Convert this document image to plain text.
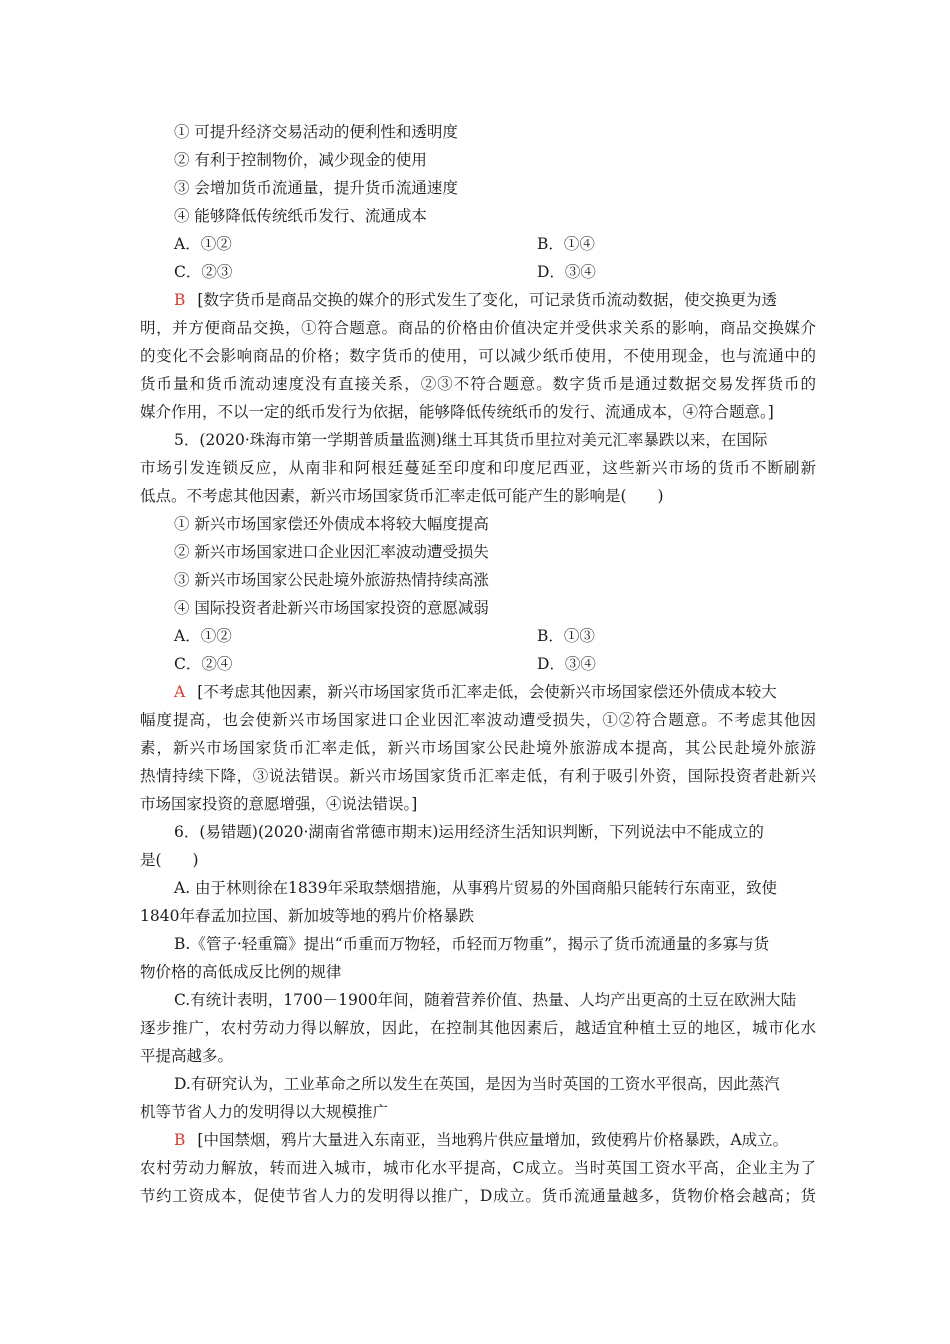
① 可提升经济交易活动的便利性和透明度
② 有利于控制物价，减少现金的使用
③ 会增加货币流通量，提升货币流通速度
④ 能够降低传统纸币发行、流通成本
A．①②	B．①④
C．②③	D．③④
B [数字货币是商品交换的媒介的形式发生了变化，可记录货币流动数据，使交换更为透
明，并方便商品交换，①符合题意。商品的价格由价值决定并受供求关系的影响，商品交换媒介
的变化不会影响商品的价格；数字货币的使用，可以减少纸币使用，不使用现金，也与流通中的
货币量和货币流动速度没有直接关系，②③不符合题意。数字货币是通过数据交易发挥货币的
媒介作用，不以一定的纸币发行为依据，能够降低传统纸币的发行、流通成本，④符合题意。]
5．(2020·珠海市第一学期普质量监测)继土耳其货币里拉对美元汇率暴跌以来，在国际
市场引发连锁反应，从南非和阿根廷蔓延至印度和印度尼西亚，这些新兴市场的货币不断刷新
低点。不考虑其他因素，新兴市场国家货币汇率走低可能产生的影响是(　　)
① 新兴市场国家偿还外债成本将较大幅度提高
② 新兴市场国家进口企业因汇率波动遭受损失
③ 新兴市场国家公民赴境外旅游热情持续高涨
④ 国际投资者赴新兴市场国家投资的意愿减弱
A．①②	B．①③
C．②④	D．③④
A [不考虑其他因素，新兴市场国家货币汇率走低，会使新兴市场国家偿还外债成本较大
幅度提高，也会使新兴市场国家进口企业因汇率波动遭受损失，①②符合题意。不考虑其他因
素，新兴市场国家货币汇率走低，新兴市场国家公民赴境外旅游成本提高，其公民赴境外旅游
热情持续下降，③说法错误。新兴市场国家货币汇率走低，有利于吸引外资，国际投资者赴新兴
市场国家投资的意愿增强，④说法错误。]
6．(易错题)(2020·湖南省常德市期末)运用经济生活知识判断，下列说法中不能成立的
是(　　)
A. 由于林则徐在1839年采取禁烟措施，从事鸦片贸易的外国商船只能转行东南亚，致使
1840年春孟加拉国、新加坡等地的鸦片价格暴跌
B.《管子·轻重篇》提出“币重而万物轻，币轻而万物重”，揭示了货币流通量的多寡与货
物价格的高低成反比例的规律
C.有统计表明，1700－1900年间，随着营养价值、热量、人均产出更高的土豆在欧洲大陆
逐步推广，农村劳动力得以解放，因此，在控制其他因素后，越适宜种植土豆的地区，城市化水
平提高越多。
D.有研究认为，工业革命之所以发生在英国，是因为当时英国的工资水平很高，因此蒸汽
机等节省人力的发明得以大规模推广
B [中国禁烟，鸦片大量进入东南亚，当地鸦片供应量增加，致使鸦片价格暴跌，A成立。
农村劳动力解放，转而进入城市，城市化水平提高，C成立。当时英国工资水平高，企业主为了
节约工资成本，促使节省人力的发明得以推广，D成立。货币流通量越多，货物价格会越高；货
